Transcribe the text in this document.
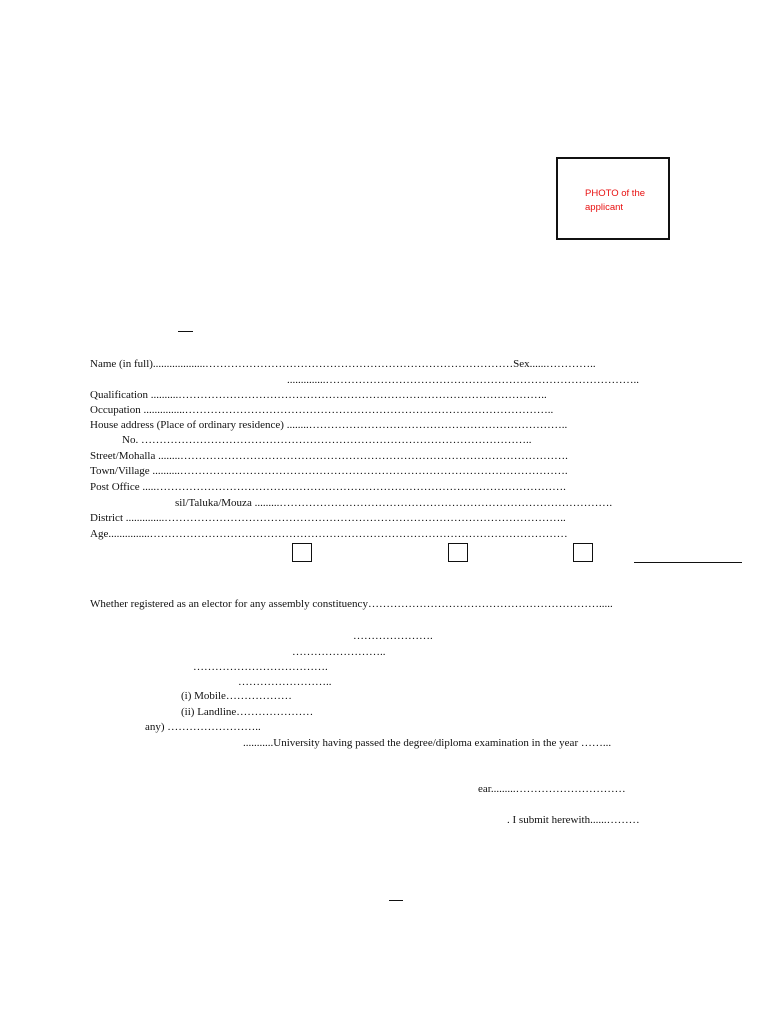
PHOTO of the applicant
Name (in full)...................…………………………………………………………………………Sex......…………..
..............…………………………………………………………………………..
Qualification ..........………………………………………………………………………………………..
Occupation ...............………………………………………………………………………………………..
House address (Place of ordinary residence) ........……………………………………………………………..
No. ……………………………………………………………………………………………..
Street/Mohalla ........…………………………………………………………………………………………….
Town/Village ..........…………………………………………………………………………………………….
Post Office .....………………………………………………………………………………………………….
sil/Taluka/Mouza .........……………………………………………………………………………….
District ..............………………………………………………………………………………………………..
Age...............……………………………………………………………………………………………………
Whether registered as an elector for any assembly constituency……………………………………………………….....
………………….
……………………..
……………………………….
……………………..
(i) Mobile………………
(ii) Landline…………………
any) ……………………..
...........University having passed the degree/diploma examination in the year ……...
ear.........…………………………
. I submit herewith......………
